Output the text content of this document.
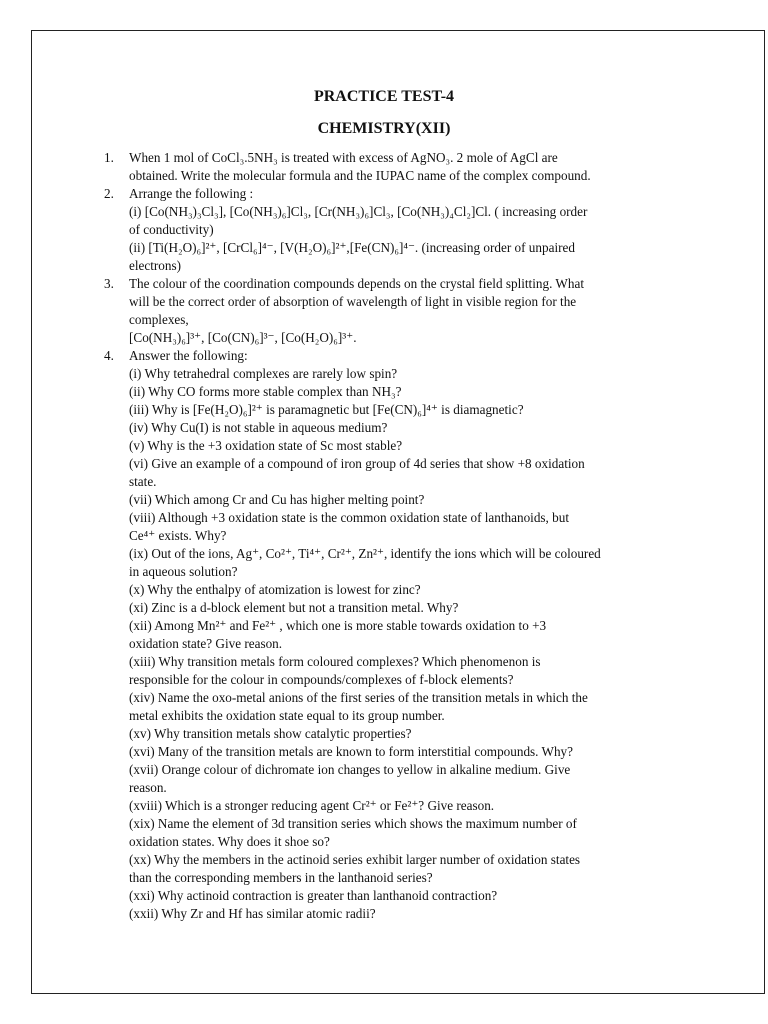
PRACTICE TEST-4
CHEMISTRY(XII)
1. When 1 mol of CoCl₃.5NH₃ is treated with excess of AgNO₃. 2 mole of AgCl are
obtained. Write the molecular formula and the IUPAC name of the complex compound.
2. Arrange the following :
(i) [Co(NH₃)₃Cl₃], [Co(NH₃)₆]Cl₃, [Cr(NH₃)₆]Cl₃, [Co(NH₃)₄Cl₂]Cl. ( increasing order
of conductivity)
(ii) [Ti(H₂O)₆]²⁺, [CrCl₆]⁴⁻, [V(H₂O)₆]²⁺,[Fe(CN)₆]⁴⁻. (increasing order of unpaired
electrons)
3. The colour of the coordination compounds depends on the crystal field splitting. What
will be the correct order of absorption of wavelength of light in visible region for the
complexes,
[Co(NH₃)₆]³⁺, [Co(CN)₆]³⁻, [Co(H₂O)₆]³⁺.
4. Answer the following:
(i) Why tetrahedral complexes are rarely low spin?
(ii) Why CO forms more stable complex than NH₃?
(iii) Why is [Fe(H₂O)₆]²⁺ is paramagnetic but [Fe(CN)₆]⁴⁺ is diamagnetic?
(iv) Why Cu(I) is not stable in aqueous medium?
(v) Why is the +3 oxidation state of Sc most stable?
(vi) Give an example of a compound of iron group of 4d series that show +8 oxidation
state.
(vii) Which among Cr and Cu has higher melting point?
(viii) Although +3 oxidation state is the common oxidation state of lanthanoids, but
Ce⁴⁺ exists. Why?
(ix) Out of the ions, Ag⁺, Co²⁺, Ti⁴⁺, Cr²⁺, Zn²⁺, identify the ions which will be coloured
in aqueous solution?
(x) Why the enthalpy of atomization is lowest for zinc?
(xi) Zinc is a d-block element but not a transition metal. Why?
(xii) Among Mn²⁺ and Fe²⁺ , which one is more stable towards oxidation to +3
oxidation state? Give reason.
(xiii) Why transition metals form coloured complexes? Which phenomenon is
responsible for the colour in compounds/complexes of f-block elements?
(xiv) Name the oxo-metal anions of the first series of the transition metals in which the
metal exhibits the oxidation state equal to its group number.
(xv) Why transition metals show catalytic properties?
(xvi) Many of the transition metals are known to form interstitial compounds. Why?
(xvii) Orange colour of dichromate ion changes to yellow in alkaline medium. Give
reason.
(xviii) Which is a stronger reducing agent Cr²⁺ or Fe²⁺? Give reason.
(xix) Name the element of 3d transition series which shows the maximum number of
oxidation states. Why does it shoe so?
(xx) Why the members in the actinoid series exhibit larger number of oxidation states
than the corresponding members in the lanthanoid series?
(xxi) Why actinoid contraction is greater than lanthanoid contraction?
(xxii) Why Zr and Hf has similar atomic radii?
